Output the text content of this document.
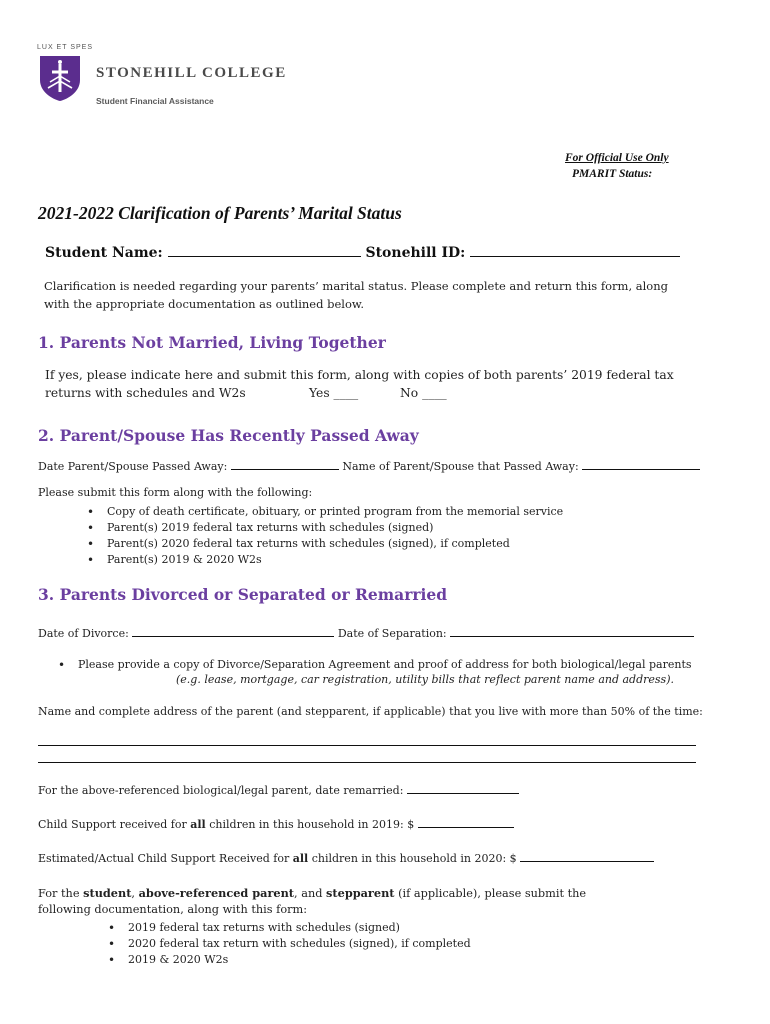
LUX ET SPES
STONEHILL COLLEGE
Student Financial Assistance
For Official Use Only
PMARIT Status:
2021-2022 Clarification of Parents’ Marital Status
Student Name:	Stonehill ID:
Clarification is needed regarding your parents’ marital status. Please complete and return this form, along with the appropriate documentation as outlined below.
1. Parents Not Married, Living Together
If yes, please indicate here and submit this form, along with copies of both parents’ 2019 federal tax
returns with schedules and W2s	Yes ____	No ____
2. Parent/Spouse Has Recently Passed Away
Date Parent/Spouse Passed Away:	Name of Parent/Spouse that Passed Away:
Please submit this form along with the following:
• Copy of death certificate, obituary, or printed program from the memorial service
• Parent(s) 2019 federal tax returns with schedules (signed)
• Parent(s) 2020 federal tax returns with schedules (signed), if completed
• Parent(s) 2019 & 2020 W2s
3. Parents Divorced or Separated or Remarried
Date of Divorce:	Date of Separation:
• Please provide a copy of Divorce/Separation Agreement and proof of address for both biological/legal parents
(e.g. lease, mortgage, car registration, utility bills that reflect parent name and address).
Name and complete address of the parent (and stepparent, if applicable) that you live with more than 50% of the time:
For the above-referenced biological/legal parent, date remarried:
Child Support received for all children in this household in 2019: $
Estimated/Actual Child Support Received for all children in this household in 2020: $
For the student, above-referenced parent, and stepparent (if applicable), please submit the
following documentation, along with this form:
• 2019 federal tax returns with schedules (signed)
• 2020 federal tax return with schedules (signed), if completed
• 2019 & 2020 W2s
